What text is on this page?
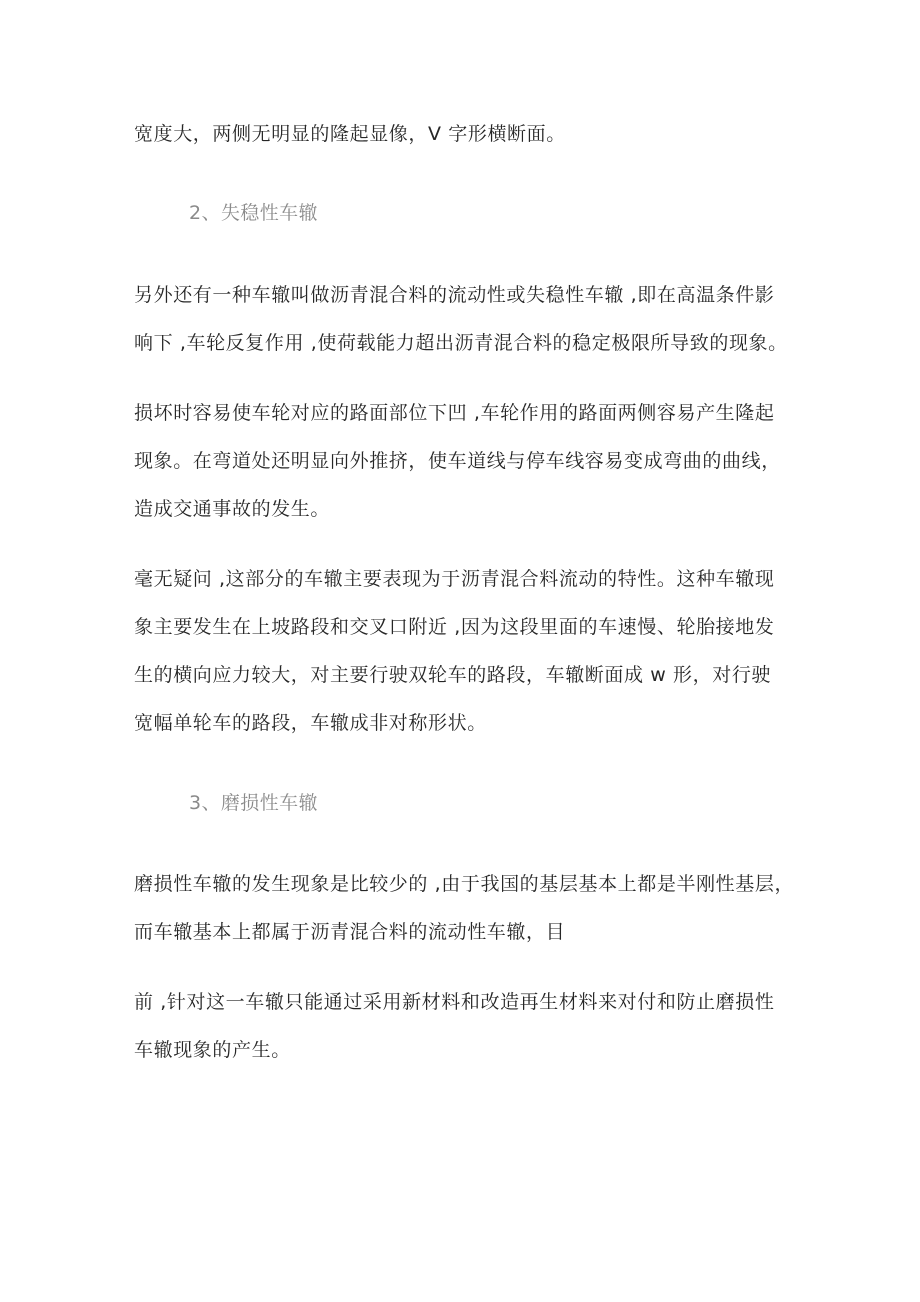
宽度大，两侧无明显的隆起显像，V 字形横断面。
2、失稳性车辙
另外还有一种车辙叫做沥青混合料的流动性或失稳性车辙 ,即在高温条件影
响下 ,车轮反复作用 ,使荷载能力超出沥青混合料的稳定极限所导致的现象。
损坏时容易使车轮对应的路面部位下凹 ,车轮作用的路面两侧容易产生隆起
现象。在弯道处还明显向外推挤，使车道线与停车线容易变成弯曲的曲线，
造成交通事故的发生。
毫无疑问 ,这部分的车辙主要表现为于沥青混合料流动的特性。这种车辙现
象主要发生在上坡路段和交叉口附近 ,因为这段里面的车速慢、轮胎接地发
生的横向应力较大，对主要行驶双轮车的路段，车辙断面成 w 形，对行驶
宽幅单轮车的路段，车辙成非对称形状。
3、磨损性车辙
磨损性车辙的发生现象是比较少的 ,由于我国的基层基本上都是半刚性基层，
而车辙基本上都属于沥青混合料的流动性车辙，目
前 ,针对这一车辙只能通过采用新材料和改造再生材料来对付和防止磨损性
车辙现象的产生。
